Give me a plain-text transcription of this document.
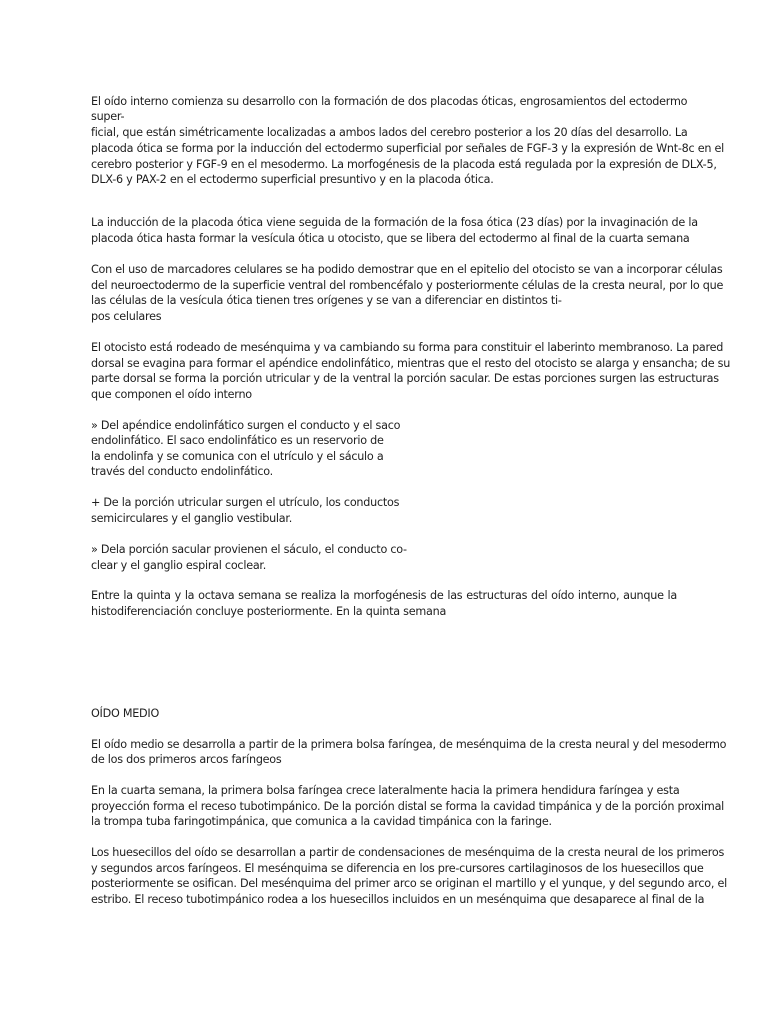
El oído interno comienza su desarrollo con la formación de dos placodas óticas, engrosamientos del ectodermo
super-
ficial, que están simétricamente localizadas a ambos lados del cerebro posterior a los 20 días del desarrollo. La
placoda ótica se forma por la inducción del ectodermo superficial por señales de FGF-3 y la expresión de Wnt-8c en el
cerebro posterior y FGF-9 en el mesodermo. La morfogénesis de la placoda está regulada por la expresión de DLX-5,
DLX-6 y PAX-2 en el ectodermo superficial presuntivo y en la placoda ótica.
La inducción de la placoda ótica viene seguida de la formación de la fosa ótica (23 días) por la invaginación de la
placoda ótica hasta formar la vesícula ótica u otocisto, que se libera del ectodermo al final de la cuarta semana
Con el uso de marcadores celulares se ha podido demostrar que en el epitelio del otocisto se van a incorporar células
del neuroectodermo de la superficie ventral del rombencéfalo y posteriormente células de la cresta neural, por lo que
las células de la vesícula ótica tienen tres orígenes y se van a diferenciar en distintos ti-
pos celulares
El otocisto está rodeado de mesénquima y va cambiando su forma para constituir el laberinto membranoso. La pared
dorsal se evagina para formar el apéndice endolinfático, mientras que el resto del otocisto se alarga y ensancha; de su
parte dorsal se forma la porción utricular y de la ventral la porción sacular. De estas porciones surgen las estructuras
que componen el oído interno
» Del apéndice endolinfático surgen el conducto y el saco
endolinfático. El saco endolinfático es un reservorio de
la endolinfa y se comunica con el utrículo y el sáculo a
través del conducto endolinfático.
+ De la porción utricular surgen el utrículo, los conductos
semicirculares y el ganglio vestibular.
» Dela porción sacular provienen el sáculo, el conducto co-
clear y el ganglio espiral coclear.
Entre la quinta y la octava semana se realiza la morfogénesis de las estructuras del oído interno, aunque la
histodiferenciación concluye posteriormente. En la quinta semana
OÍDO MEDIO
El oído medio se desarrolla a partir de la primera bolsa faríngea, de mesénquima de la cresta neural y del mesodermo
de los dos primeros arcos faríngeos
En la cuarta semana, la primera bolsa faríngea crece lateralmente hacia la primera hendidura faríngea y esta
proyección forma el receso tubotimpánico. De la porción distal se forma la cavidad timpánica y de la porción proximal
la trompa tuba faringotimpánica, que comunica a la cavidad timpánica con la faringe.
Los huesecillos del oído se desarrollan a partir de condensaciones de mesénquima de la cresta neural de los primeros
y segundos arcos faríngeos. El mesénquima se diferencia en los pre-cursores cartilaginosos de los huesecillos que
posteriormente se osifican. Del mesénquima del primer arco se originan el martillo y el yunque, y del segundo arco, el
estribo. El receso tubotimpánico rodea a los huesecillos incluidos en un mesénquima que desaparece al final de la
